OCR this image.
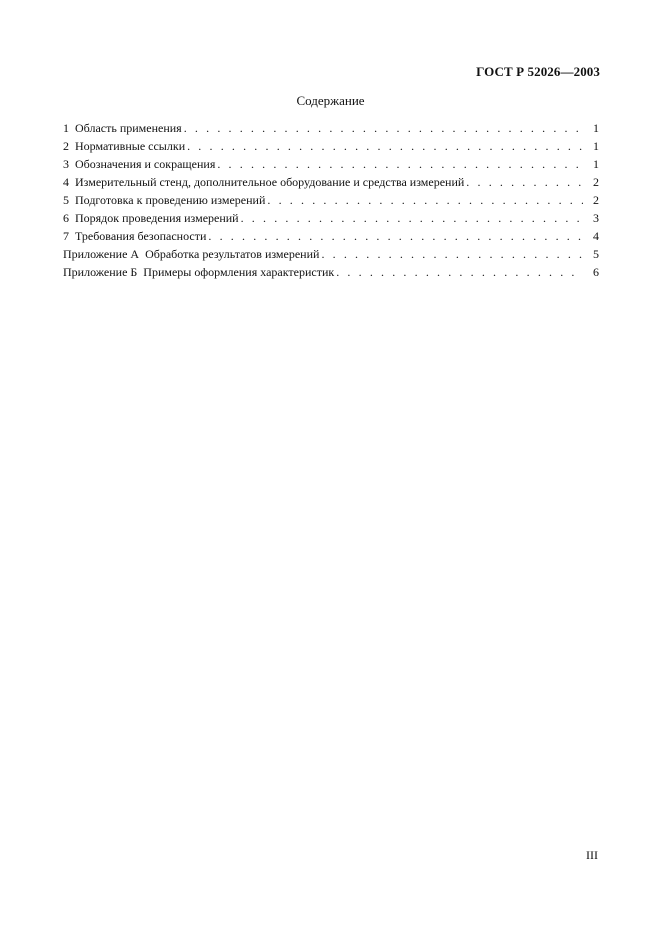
ГОСТ Р 52026—2003
Содержание
1 Область применения . . .	1
2 Нормативные ссылки . . .	1
3 Обозначения и сокращения . . .	1
4 Измерительный стенд, дополнительное оборудование и средства измерений . . .	2
5 Подготовка к проведению измерений . . .	2
6 Порядок проведения измерений . . .	3
7 Требования безопасности . . .	4
Приложение А Обработка результатов измерений . . .	5
Приложение Б Примеры оформления характеристик . . .	6
III
